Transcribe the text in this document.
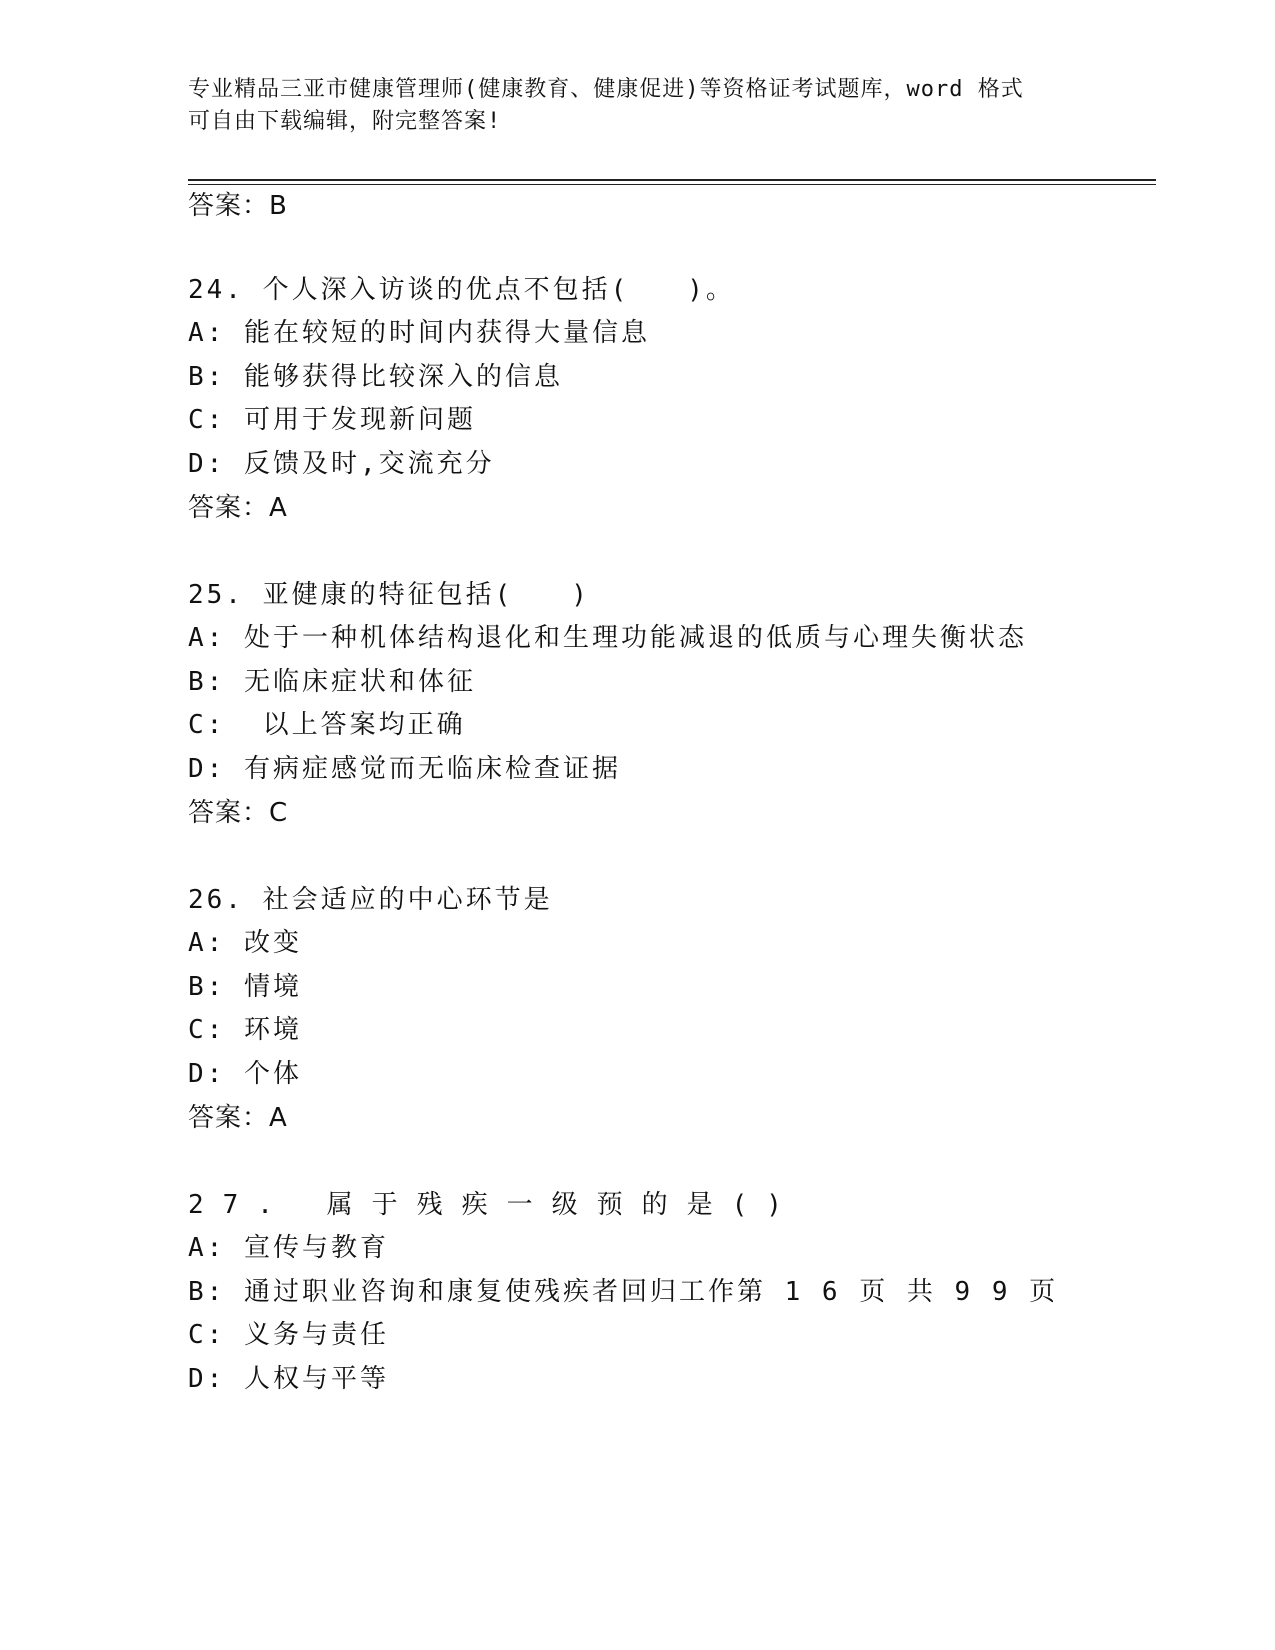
专业精品三亚市健康管理师(健康教育、健康促进)等资格证考试题库，word 格式
可自由下载编辑，附完整答案!
答案：B
24. 个人深入访谈的优点不包括(　　)。
A: 能在较短的时间内获得大量信息
B: 能够获得比较深入的信息
C: 可用于发现新问题
D: 反馈及时,交流充分
答案：A
25. 亚健康的特征包括(　　)
A: 处于一种机体结构退化和生理功能减退的低质与心理失衡状态
B: 无临床症状和体征
C:  以上答案均正确
D: 有病症感觉而无临床检查证据
答案：C
26. 社会适应的中心环节是
A: 改变
B: 情境
C: 环境
D: 个体
答案：A
27. 属于残疾一级预的是()
A: 宣传与教育
B: 通过职业咨询和康复使残疾者回归工作第 1 6 页 共 9 9 页
C: 义务与责任
D: 人权与平等
